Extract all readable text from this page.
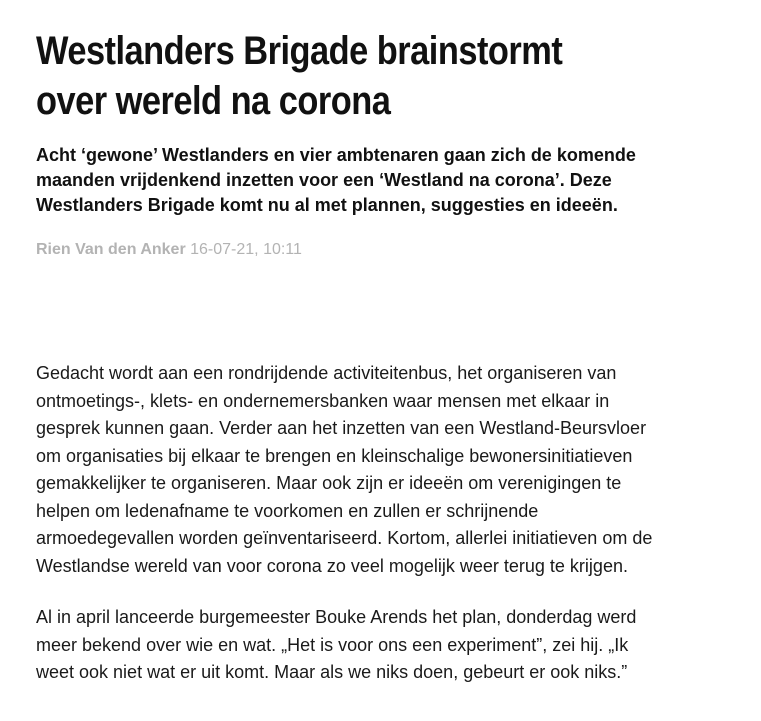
Westlanders Brigade brainstormt
over wereld na corona

Acht ‘gewone’ Westlanders en vier ambtenaren gaan zich de komende
maanden vrijdenkend inzetten voor een ‘Westland na corona’. Deze
Westlanders Brigade komt nu al met plannen, suggesties en ideeën.

Rien Van den Anker 16-07-21, 10:11

Gedacht wordt aan een rondrijdende activiteitenbus, het organiseren van
ontmoetings-, klets- en ondernemersbanken waar mensen met elkaar in
gesprek kunnen gaan. Verder aan het inzetten van een Westland-Beursvloer
om organisaties bij elkaar te brengen en kleinschalige bewonersinitiatieven
gemakkelijker te organiseren. Maar ook zijn er ideeën om verenigingen te
helpen om ledenafname te voorkomen en zullen er schrijnende
armoedegevallen worden geïnventariseerd. Kortom, allerlei initiatieven om de
Westlandse wereld van voor corona zo veel mogelijk weer terug te krijgen.

Al in april lanceerde burgemeester Bouke Arends het plan, donderdag werd
meer bekend over wie en wat. „Het is voor ons een experiment”, zei hij. „Ik
weet ook niet wat er uit komt. Maar als we niks doen, gebeurt er ook niks.”
